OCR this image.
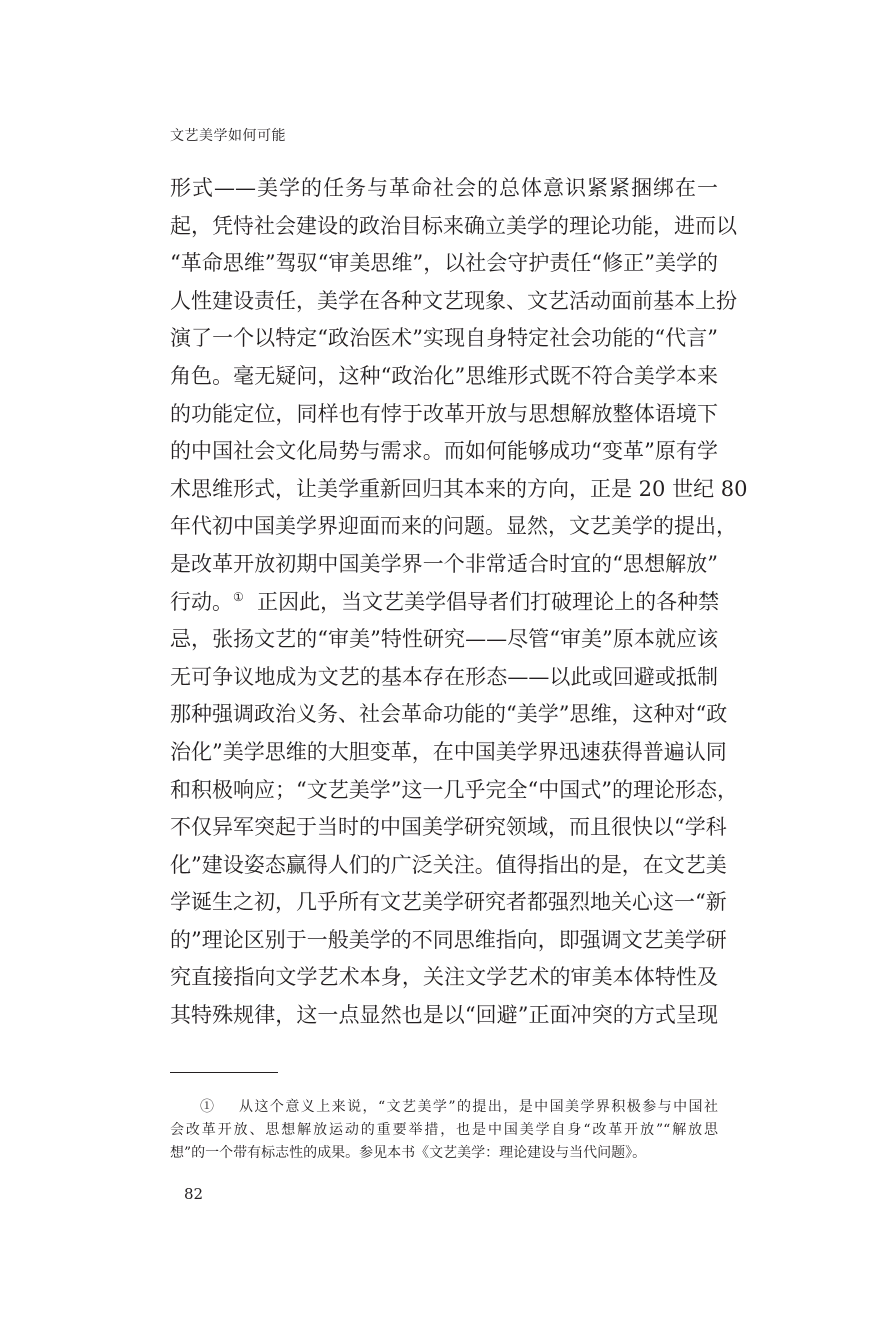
文艺美学如何可能
形式——美学的任务与革命社会的总体意识紧紧捆绑在一
起，凭恃社会建设的政治目标来确立美学的理论功能，进而以
“革命思维”驾驭“审美思维”，以社会守护责任“修正”美学的
人性建设责任，美学在各种文艺现象、文艺活动面前基本上扮
演了一个以特定“政治医术”实现自身特定社会功能的“代言”
角色。毫无疑问，这种“政治化”思维形式既不符合美学本来
的功能定位，同样也有悖于改革开放与思想解放整体语境下
的中国社会文化局势与需求。而如何能够成功“变革”原有学
术思维形式，让美学重新回归其本来的方向，正是 20 世纪 80
年代初中国美学界迎面而来的问题。显然，文艺美学的提出，
是改革开放初期中国美学界一个非常适合时宜的“思想解放”
行动。① 正因此，当文艺美学倡导者们打破理论上的各种禁
忌，张扬文艺的“审美”特性研究——尽管“审美”原本就应该
无可争议地成为文艺的基本存在形态——以此或回避或抵制
那种强调政治义务、社会革命功能的“美学”思维，这种对“政
治化”美学思维的大胆变革，在中国美学界迅速获得普遍认同
和积极响应；“文艺美学”这一几乎完全“中国式”的理论形态，
不仅异军突起于当时的中国美学研究领域，而且很快以“学科
化”建设姿态赢得人们的广泛关注。值得指出的是，在文艺美
学诞生之初，几乎所有文艺美学研究者都强烈地关心这一“新
的”理论区别于一般美学的不同思维指向，即强调文艺美学研
究直接指向文学艺术本身，关注文学艺术的审美本体特性及
其特殊规律，这一点显然也是以“回避”正面冲突的方式呈现
① 从这个意义上来说，“文艺美学”的提出，是中国美学界积极参与中国社
会改革开放、思想解放运动的重要举措，也是中国美学自身“改革开放”“解放思
想”的一个带有标志性的成果。参见本书《文艺美学：理论建设与当代问题》。
82
